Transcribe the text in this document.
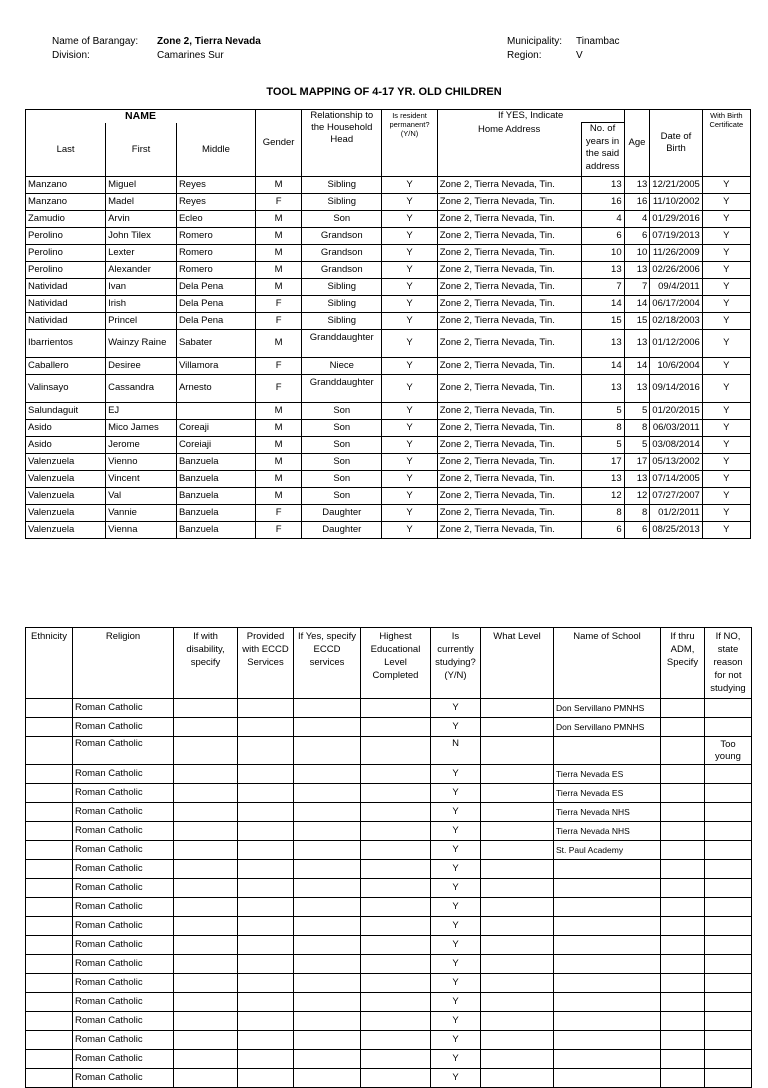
Name of Barangay: Zone 2, Tierra Nevada
Division:	Camarines Sur
Municipality: Tinambac
Region:	V
TOOL MAPPING OF 4-17 YR. OLD CHILDREN
NAME			Gender	Relationship to the Household Head	Is resident permanent? (Y/N)	If YES, Indicate		Age	Date of Birth	With Birth Certificate
Last	First	Middle				Home Address	No. of years in the said address			
Manzano	Miguel	Reyes	M	Sibling	Y	Zone 2, Tierra Nevada, Tin.	13	13	12/21/2005	Y
Manzano	Madel	Reyes	F	Sibling	Y	Zone 2, Tierra Nevada, Tin.	16	16	11/10/2002	Y
Zamudio	Arvin	Ecleo	M	Son	Y	Zone 2, Tierra Nevada, Tin.	4	4	01/29/2016	Y
Perolino	John Tilex	Romero	M	Grandson	Y	Zone 2, Tierra Nevada, Tin.	6	6	07/19/2013	Y
Perolino	Lexter	Romero	M	Grandson	Y	Zone 2, Tierra Nevada, Tin.	10	10	11/26/2009	Y
Perolino	Alexander	Romero	M	Grandson	Y	Zone 2, Tierra Nevada, Tin.	13	13	02/26/2006	Y
Natividad	Ivan	Dela Pena	M	Sibling	Y	Zone 2, Tierra Nevada, Tin.	7	7	09/4/2011	Y
Natividad	Irish	Dela Pena	F	Sibling	Y	Zone 2, Tierra Nevada, Tin.	14	14	06/17/2004	Y
Natividad	Princel	Dela Pena	F	Sibling	Y	Zone 2, Tierra Nevada, Tin.	15	15	02/18/2003	Y
Ibarrientos	Wainzy Raine	Sabater	M	Granddaughter	Y	Zone 2, Tierra Nevada, Tin.	13	13	01/12/2006	Y
Caballero	Desiree	Villamora	F	Niece	Y	Zone 2, Tierra Nevada, Tin.	14	14	10/6/2004	Y
Valinsayo	Cassandra	Arnesto	F	Granddaughter	Y	Zone 2, Tierra Nevada, Tin.	13	13	09/14/2016	Y
Salundaguit	EJ		M	Son	Y	Zone 2, Tierra Nevada, Tin.	5	5	01/20/2015	Y
Asido	Mico James	Coreaji	M	Son	Y	Zone 2, Tierra Nevada, Tin.	8	8	06/03/2011	Y
Asido	Jerome	Coreiaji	M	Son	Y	Zone 2, Tierra Nevada, Tin.	5	5	03/08/2014	Y
Valenzuela	Vienno	Banzuela	M	Son	Y	Zone 2, Tierra Nevada, Tin.	17	17	05/13/2002	Y
Valenzuela	Vincent	Banzuela	M	Son	Y	Zone 2, Tierra Nevada, Tin.	13	13	07/14/2005	Y
Valenzuela	Val	Banzuela	M	Son	Y	Zone 2, Tierra Nevada, Tin.	12	12	07/27/2007	Y
Valenzuela	Vannie	Banzuela	F	Daughter	Y	Zone 2, Tierra Nevada, Tin.	8	8	01/2/2011	Y
Valenzuela	Vienna	Banzuela	F	Daughter	Y	Zone 2, Tierra Nevada, Tin.	6	6	08/25/2013	Y
Ethnicity	Religion	If with disability, specify	Provided with ECCD Services	If Yes, specify ECCD services	Highest Educational Level Completed	Is currently studying? (Y/N)	What Level	Name of School	If thru ADM, Specify	If NO, state reason for not studying
	Roman Catholic					Y		Don Servillano PMNHS		
	Roman Catholic					Y		Don Servillano PMNHS		
	Roman Catholic					N				Too young
	Roman Catholic					Y		Tierra Nevada ES		
	Roman Catholic					Y		Tierra Nevada ES		
	Roman Catholic					Y		Tierra Nevada NHS		
	Roman Catholic					Y		Tierra Nevada NHS		
	Roman Catholic					Y		St. Paul Academy		
	Roman Catholic					Y				
	Roman Catholic					Y				
	Roman Catholic					Y				
	Roman Catholic					Y				
	Roman Catholic					Y				
	Roman Catholic					Y				
	Roman Catholic					Y				
	Roman Catholic					Y				
	Roman Catholic					Y				
	Roman Catholic					Y				
	Roman Catholic					Y				
	Roman Catholic					Y				
